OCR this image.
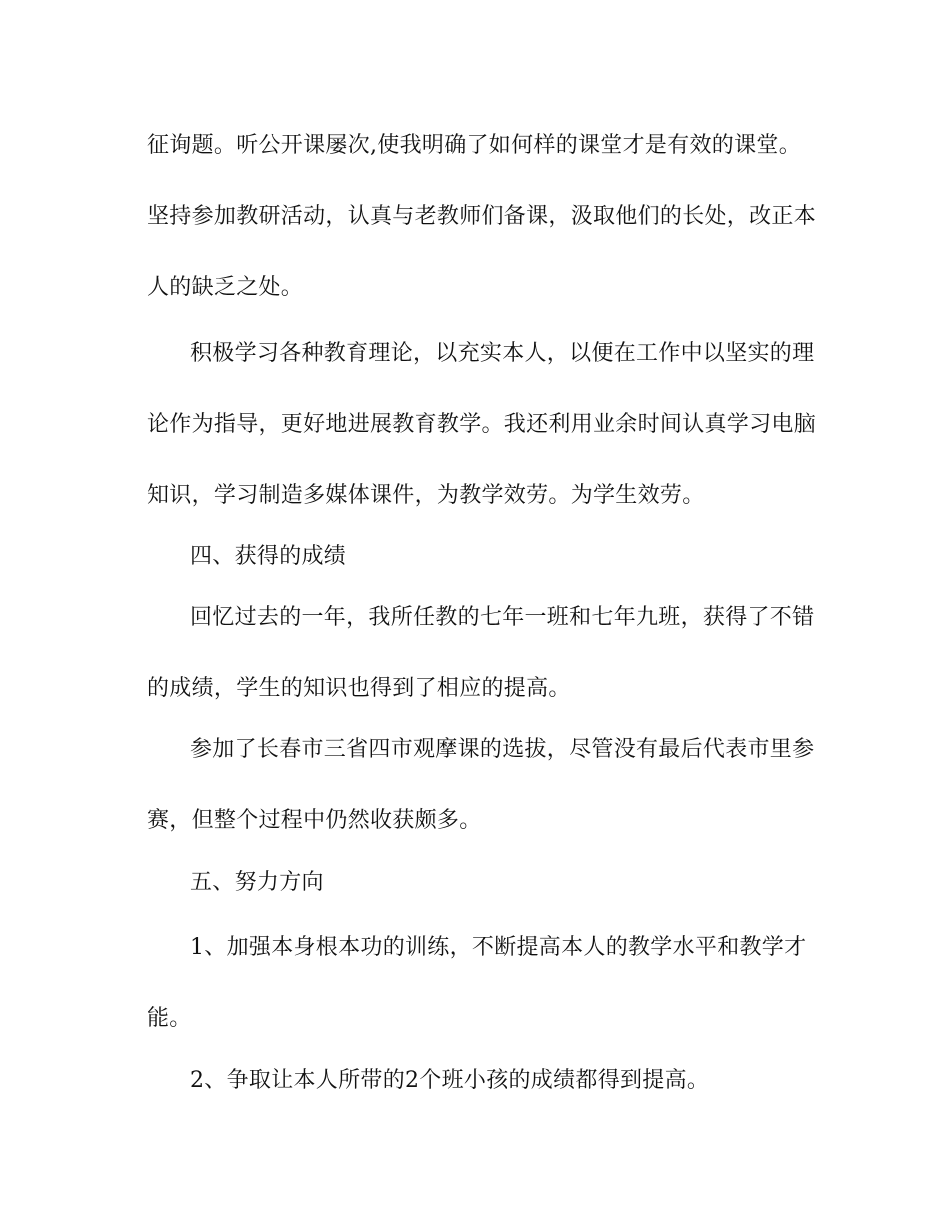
征询题。听公开课屡次,使我明确了如何样的课堂才是有效的课堂。
坚持参加教研活动，认真与老教师们备课，汲取他们的长处，改正本
人的缺乏之处。
积极学习各种教育理论，以充实本人，以便在工作中以坚实的理
论作为指导，更好地进展教育教学。我还利用业余时间认真学习电脑
知识，学习制造多媒体课件，为教学效劳。为学生效劳。
四、获得的成绩
回忆过去的一年，我所任教的七年一班和七年九班，获得了不错
的成绩，学生的知识也得到了相应的提高。
参加了长春市三省四市观摩课的选拔，尽管没有最后代表市里参
赛，但整个过程中仍然收获颇多。
五、努力方向
1、加强本身根本功的训练，不断提高本人的教学水平和教学才
能。
2、争取让本人所带的2个班小孩的成绩都得到提高。
